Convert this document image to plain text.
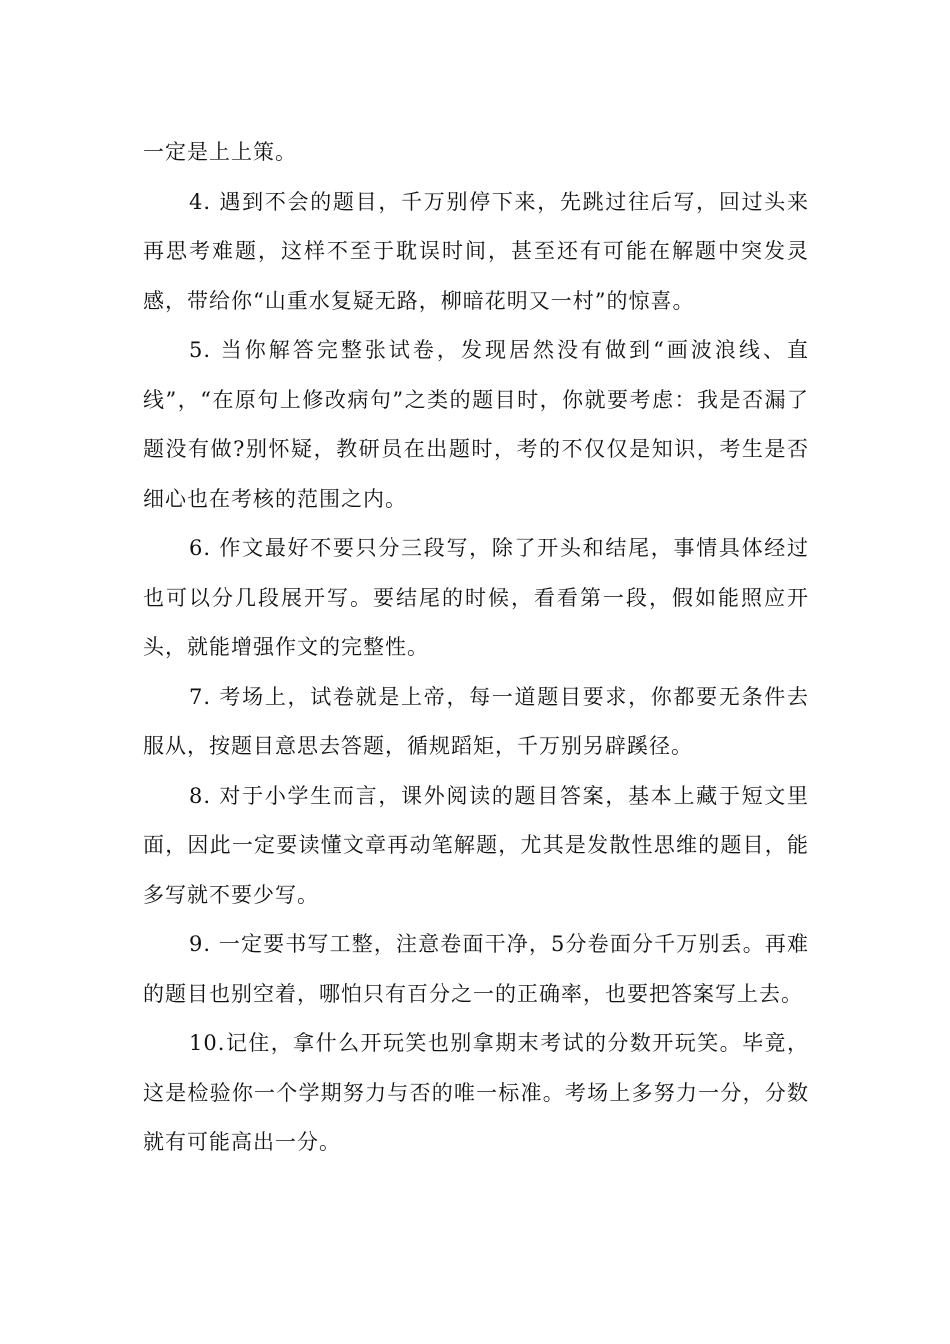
一定是上上策。

4. 遇到不会的题目，千万别停下来，先跳过往后写，回过头来再思考难题，这样不至于耽误时间，甚至还有可能在解题中突发灵感，带给你“山重水复疑无路，柳暗花明又一村”的惊喜。

5. 当你解答完整张试卷，发现居然没有做到“画波浪线、直线”，“在原句上修改病句”之类的题目时，你就要考虑：我是否漏了题没有做?别怀疑，教研员在出题时，考的不仅仅是知识，考生是否细心也在考核的范围之内。

6. 作文最好不要只分三段写，除了开头和结尾，事情具体经过也可以分几段展开写。要结尾的时候，看看第一段，假如能照应开头，就能增强作文的完整性。

7. 考场上，试卷就是上帝，每一道题目要求，你都要无条件去服从，按题目意思去答题，循规蹈矩，千万别另辟蹊径。

8. 对于小学生而言，课外阅读的题目答案，基本上藏于短文里面，因此一定要读懂文章再动笔解题，尤其是发散性思维的题目，能多写就不要少写。

9. 一定要书写工整，注意卷面干净，5分卷面分千万别丢。再难的题目也别空着，哪怕只有百分之一的正确率，也要把答案写上去。

10.记住，拿什么开玩笑也别拿期末考试的分数开玩笑。毕竟，这是检验你一个学期努力与否的唯一标准。考场上多努力一分，分数就有可能高出一分。
